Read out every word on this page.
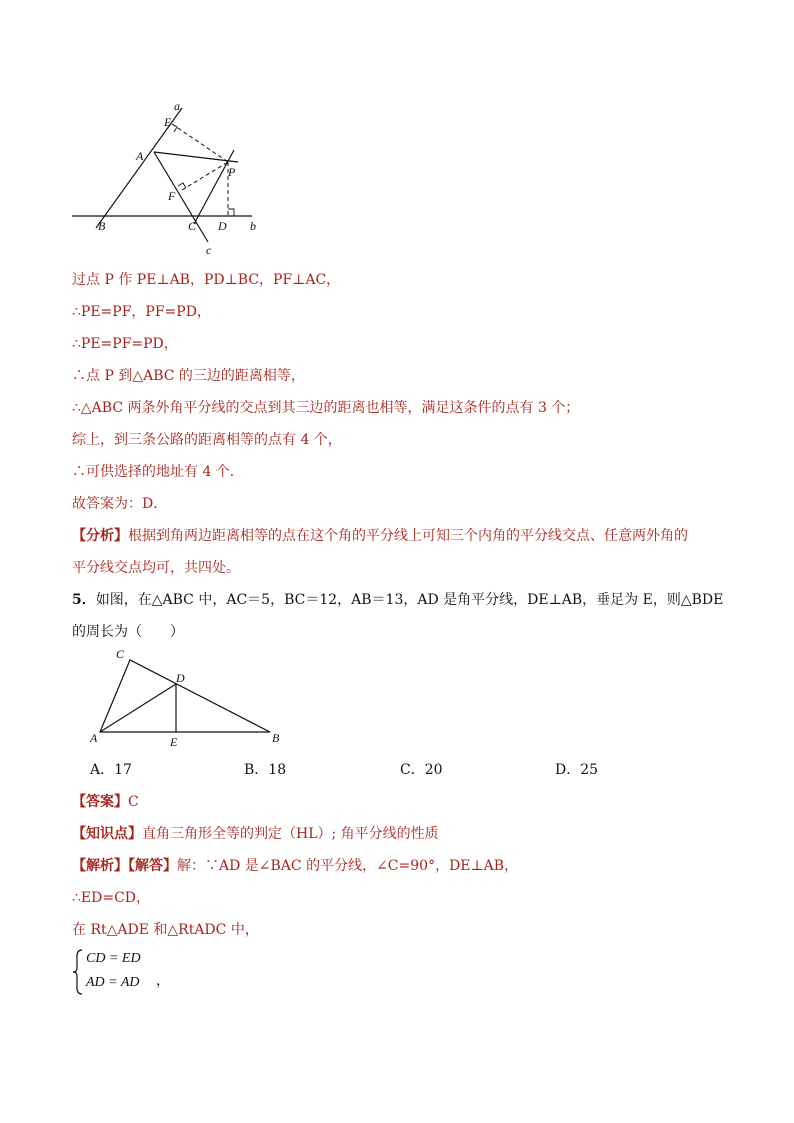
a
E
A
P
F
B	C D b
c
过点 P 作 PE⊥AB，PD⊥BC，PF⊥AC，
∴PE=PF，PF=PD，
∴PE=PF=PD，
∴点 P 到△ABC 的三边的距离相等，
∴△ABC 两条外角平分线的交点到其三边的距离也相等，满足这条件的点有 3 个；
综上，到三条公路的距离相等的点有 4 个，
∴可供选择的地址有 4 个．
故答案为：D．
【分析】根据到角两边距离相等的点在这个角的平分线上可知三个内角的平分线交点、任意两外角的
平分线交点均可，共四处。
5．如图，在△ABC 中，AC＝5，BC＝12，AB＝13，AD 是角平分线，DE⊥AB，垂足为 E，则△BDE
的周长为（　　）
C
D
A	E	B
A．17	B．18	C．20	D．25
【答案】C
【知识点】直角三角形全等的判定（HL）; 角平分线的性质
【解析】【解答】解：∵AD 是∠BAC 的平分线，∠C=90°，DE⊥AB，
∴ED=CD，
在 Rt△ADE 和△RtADC 中，
CD = ED
AD = AD ，
